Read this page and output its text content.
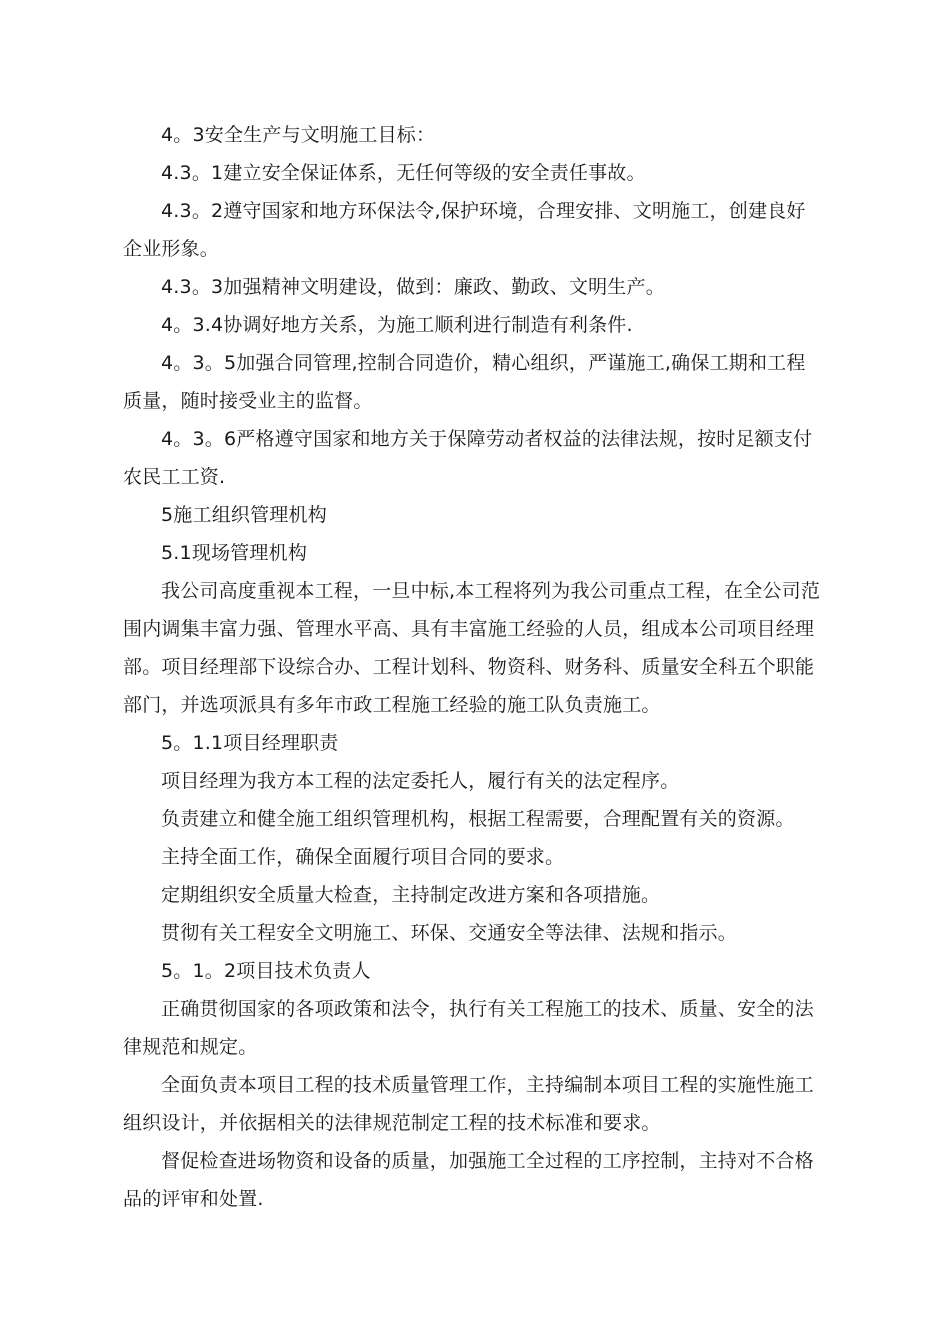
4。3安全生产与文明施工目标：

4.3。1建立安全保证体系，无任何等级的安全责任事故。

4.3。2遵守国家和地方环保法令,保护环境，合理安排、文明施工，创建良好企业形象。

4.3。3加强精神文明建设，做到：廉政、勤政、文明生产。

4。3.4协调好地方关系，为施工顺利进行制造有利条件.

4。3。5加强合同管理,控制合同造价，精心组织，严谨施工,确保工期和工程质量，随时接受业主的监督。

4。3。6严格遵守国家和地方关于保障劳动者权益的法律法规，按时足额支付农民工工资.

5施工组织管理机构

5.1现场管理机构

我公司高度重视本工程，一旦中标,本工程将列为我公司重点工程，在全公司范围内调集丰富力强、管理水平高、具有丰富施工经验的人员，组成本公司项目经理部。项目经理部下设综合办、工程计划科、物资科、财务科、质量安全科五个职能部门，并选项派具有多年市政工程施工经验的施工队负责施工。

5。1.1项目经理职责

项目经理为我方本工程的法定委托人，履行有关的法定程序。

负责建立和健全施工组织管理机构，根据工程需要，合理配置有关的资源。

主持全面工作，确保全面履行项目合同的要求。

定期组织安全质量大检查，主持制定改进方案和各项措施。

贯彻有关工程安全文明施工、环保、交通安全等法律、法规和指示。

5。1。2项目技术负责人

正确贯彻国家的各项政策和法令，执行有关工程施工的技术、质量、安全的法律规范和规定。

全面负责本项目工程的技术质量管理工作，主持编制本项目工程的实施性施工组织设计，并依据相关的法律规范制定工程的技术标准和要求。

督促检查进场物资和设备的质量，加强施工全过程的工序控制，主持对不合格品的评审和处置.
